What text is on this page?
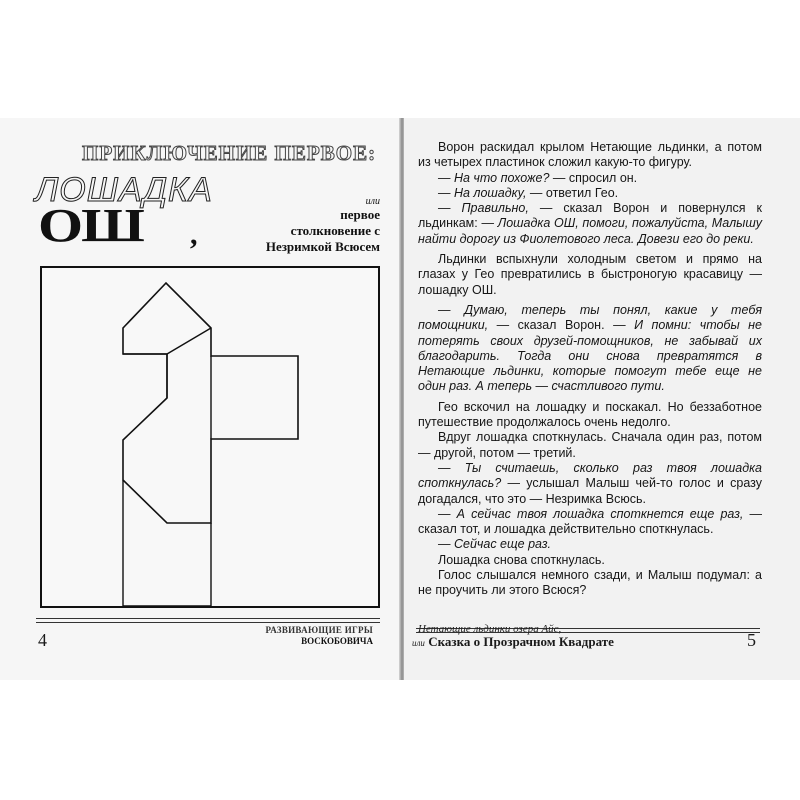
ПРИКЛЮЧЕНИЕ ПЕРВОЕ:
ЛОШАДКА
ОШ ,
или
первое
столкновение с
Незримкой Всюсем
4	РАЗВИВАЮЩИЕ ИГРЫ
ВОСКОБОВИЧА

Ворон раскидал крылом Нетающие льдинки, а потом из четырех пластинок сложил какую-то фигуру.

— На что похоже? — спросил он.

— На лошадку, — ответил Гео.

— Правильно, — сказал Ворон и повернулся к льдинкам: — Лошадка ОШ, помоги, пожалуйста, Малышу найти дорогу из Фиолетового леса. Довези его до реки.

Льдинки вспыхнули холодным светом и прямо на глазах у Гео превратились в быстроногую красавицу — лошадку ОШ.

— Думаю, теперь ты понял, какие у тебя помощники, — сказал Ворон. — И помни: чтобы не потерять своих друзей-помощников, не забывай их благодарить. Тогда они снова превратятся в Нетающие льдинки, которые помогут тебе еще не один раз. А теперь — счастливого пути.

Гео вскочил на лошадку и поскакал. Но беззаботное путешествие продолжалось очень недолго.

Вдруг лошадка споткнулась. Сначала один раз, потом — другой, потом — третий.

— Ты считаешь, сколько раз твоя лошадка споткнулась? — услышал Малыш чей-то голос и сразу догадался, что это — Незримка Всюсь.

— А сейчас твоя лошадка споткнется еще раз, — сказал тот, и лошадка действительно споткнулась.

— Сейчас еще раз.

Лошадка снова споткнулась.

Голос слышался немного сзади, и Малыш подумал: а не проучить ли этого Всюся?

Нетающие льдинки озера Айс,
или Сказка о Прозрачном Квадрате	5
